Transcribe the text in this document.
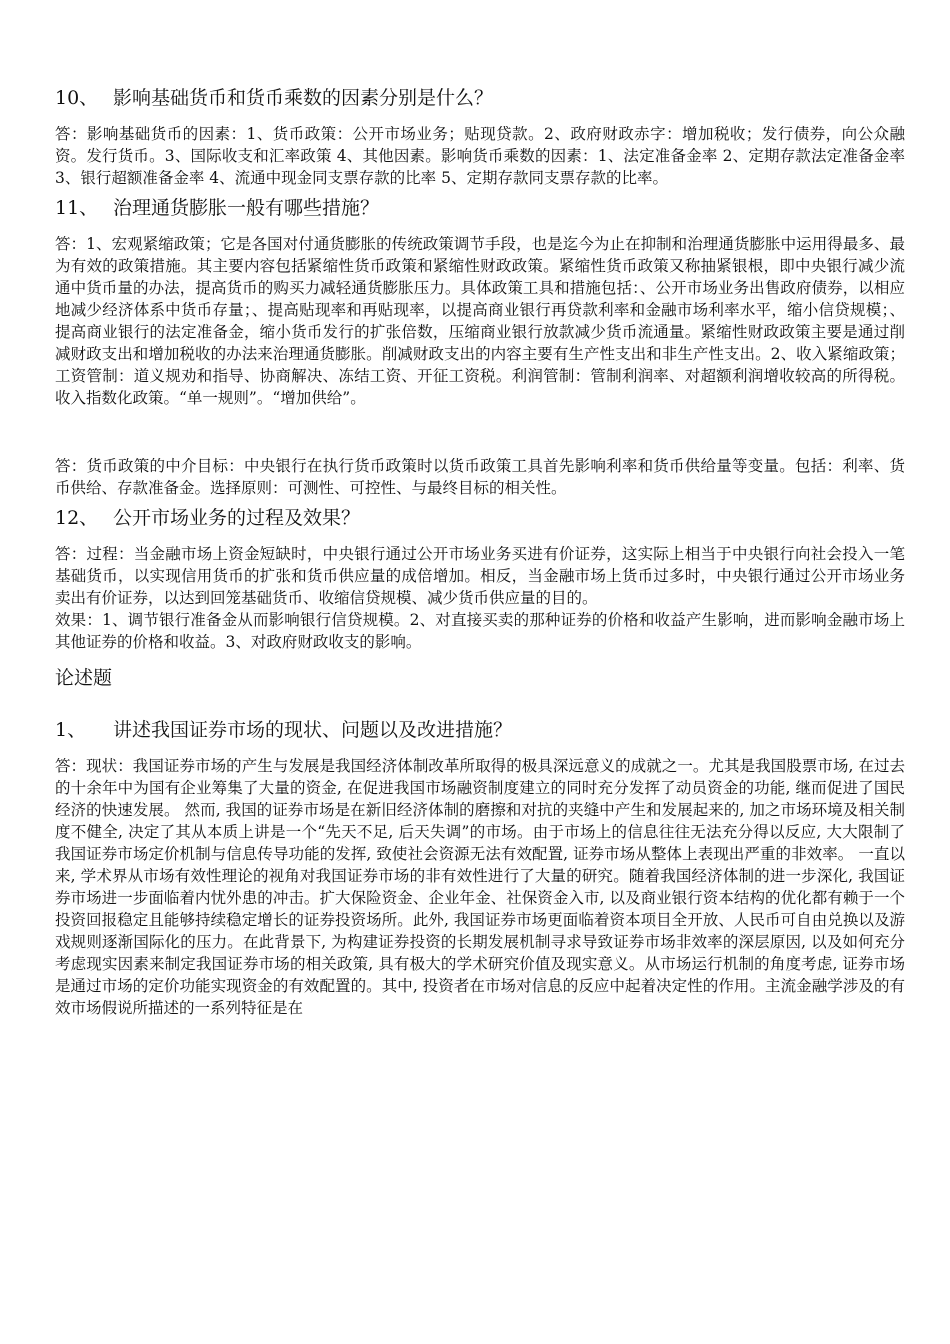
10、 影响基础货币和货币乘数的因素分别是什么？

答：影响基础货币的因素：1、货币政策：公开市场业务；贴现贷款。2、政府财政赤字：增加税收；发行债券，向公众融资。发行货币。3、国际收支和汇率政策 4、其他因素。影响货币乘数的因素：1、法定准备金率 2、定期存款法定准备金率 3、银行超额准备金率 4、流通中现金同支票存款的比率 5、定期存款同支票存款的比率。

11、 治理通货膨胀一般有哪些措施？

答：1、宏观紧缩政策；它是各国对付通货膨胀的传统政策调节手段，也是迄今为止在抑制和治理通货膨胀中运用得最多、最为有效的政策措施。其主要内容包括紧缩性货币政策和紧缩性财政政策。紧缩性货币政策又称抽紧银根，即中央银行减少流通中货币量的办法，提高货币的购买力减轻通货膨胀压力。具体政策工具和措施包括：、公开市场业务出售政府债券，以相应地减少经济体系中货币存量；、提高贴现率和再贴现率，以提高商业银行再贷款利率和金融市场利率水平，缩小信贷规模；、提高商业银行的法定准备金，缩小货币发行的扩张倍数，压缩商业银行放款减少货币流通量。紧缩性财政政策主要是通过削减财政支出和增加税收的办法来治理通货膨胀。削减财政支出的内容主要有生产性支出和非生产性支出。2、收入紧缩政策；工资管制：道义规劝和指导、协商解决、冻结工资、开征工资税。利润管制：管制利润率、对超额利润增收较高的所得税。收入指数化政策。“单一规则”。“增加供给”。

答：货币政策的中介目标：中央银行在执行货币政策时以货币政策工具首先影响利率和货币供给量等变量。包括：利率、货币供给、存款准备金。选择原则：可测性、可控性、与最终目标的相关性。

12、 公开市场业务的过程及效果？

答：过程：当金融市场上资金短缺时，中央银行通过公开市场业务买进有价证券，这实际上相当于中央银行向社会投入一笔基础货币，以实现信用货币的扩张和货币供应量的成倍增加。相反，当金融市场上货币过多时，中央银行通过公开市场业务卖出有价证券，以达到回笼基础货币、收缩信贷规模、减少货币供应量的目的。

效果：1、调节银行准备金从而影响银行信贷规模。2、对直接买卖的那种证券的价格和收益产生影响，进而影响金融市场上其他证券的价格和收益。3、对政府财政收支的影响。

论述题
1、 讲述我国证券市场的现状、问题以及改进措施？

答：现状：我国证券市场的产生与发展是我国经济体制改革所取得的极具深远意义的成就之一。尤其是我国股票市场, 在过去的十余年中为国有企业筹集了大量的资金, 在促进我国市场融资制度建立的同时充分发挥了动员资金的功能, 继而促进了国民经济的快速发展。 然而, 我国的证券市场是在新旧经济体制的磨擦和对抗的夹缝中产生和发展起来的, 加之市场环境及相关制度不健全, 决定了其从本质上讲是一个“先天不足, 后天失调”的市场。由于市场上的信息往往无法充分得以反应, 大大限制了我国证券市场定价机制与信息传导功能的发挥, 致使社会资源无法有效配置, 证券市场从整体上表现出严重的非效率。 一直以来, 学术界从市场有效性理论的视角对我国证券市场的非有效性进行了大量的研究。随着我国经济体制的进一步深化, 我国证券市场进一步面临着内忧外患的冲击。扩大保险资金、企业年金、社保资金入市, 以及商业银行资本结构的优化都有赖于一个投资回报稳定且能够持续稳定增长的证券投资场所。此外, 我国证券市场更面临着资本项目全开放、人民币可自由兑换以及游戏规则逐渐国际化的压力。在此背景下, 为构建证券投资的长期发展机制寻求导致证券市场非效率的深层原因, 以及如何充分考虑现实因素来制定我国证券市场的相关政策, 具有极大的学术研究价值及现实意义。从市场运行机制的角度考虑, 证券市场是通过市场的定价功能实现资金的有效配置的。其中, 投资者在市场对信息的反应中起着决定性的作用。主流金融学涉及的有效市场假说所描述的一系列特征是在
